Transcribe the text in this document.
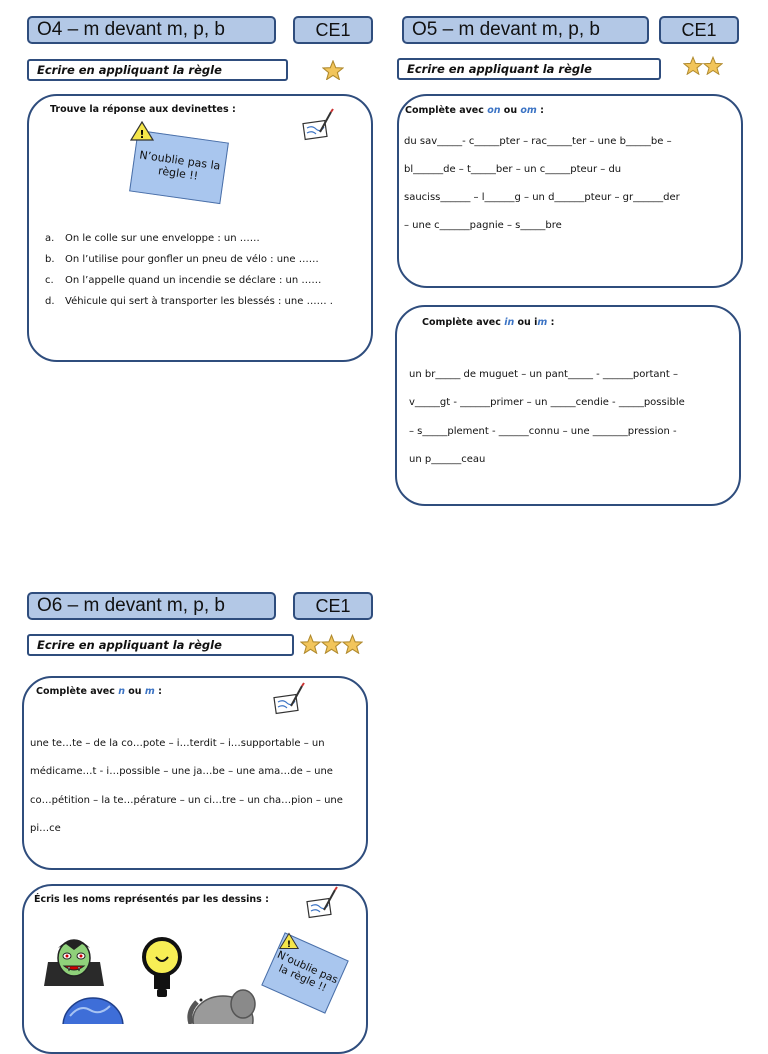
O4 – m devant m, p, b	CE1
Ecrire en appliquant la règle
Trouve la réponse aux devinettes :
N’oublie pas la règle !!
!
a.	On le colle sur une enveloppe : un ……
b.	On l’utilise pour gonfler un pneu de vélo : une ……
c.	On l’appelle quand un incendie se déclare : un ……
d.	Véhicule qui sert à transporter les blessés : une …… .
O5 – m devant m, p, b	CE1
Ecrire en appliquant la règle
Complète avec on ou om :
du sav_____- c_____pter – rac_____ter – une b_____be –
bl______de – t_____ber – un c_____pteur – du
sauciss______ – l______g – un d______pteur – gr______der
– une c______pagnie – s_____bre
Complète avec in ou im :
un br_____ de muguet – un pant_____ - ______portant –
v_____gt - ______primer – un _____cendie - _____possible
– s_____plement - ______connu – une _______pression -
un p______ceau
O6 – m devant m, p, b	CE1
Ecrire en appliquant la règle
Complète avec n ou m :
une te…te – de la co…pote – i…terdit – i…supportable – un
médicame…t - i…possible – une ja…be – une ama…de – une
co…pétition – la te…pérature – un ci…tre – un cha…pion – une
pi…ce
Écris les noms représentés par les dessins :
N’oublie pas la règle !!
!
